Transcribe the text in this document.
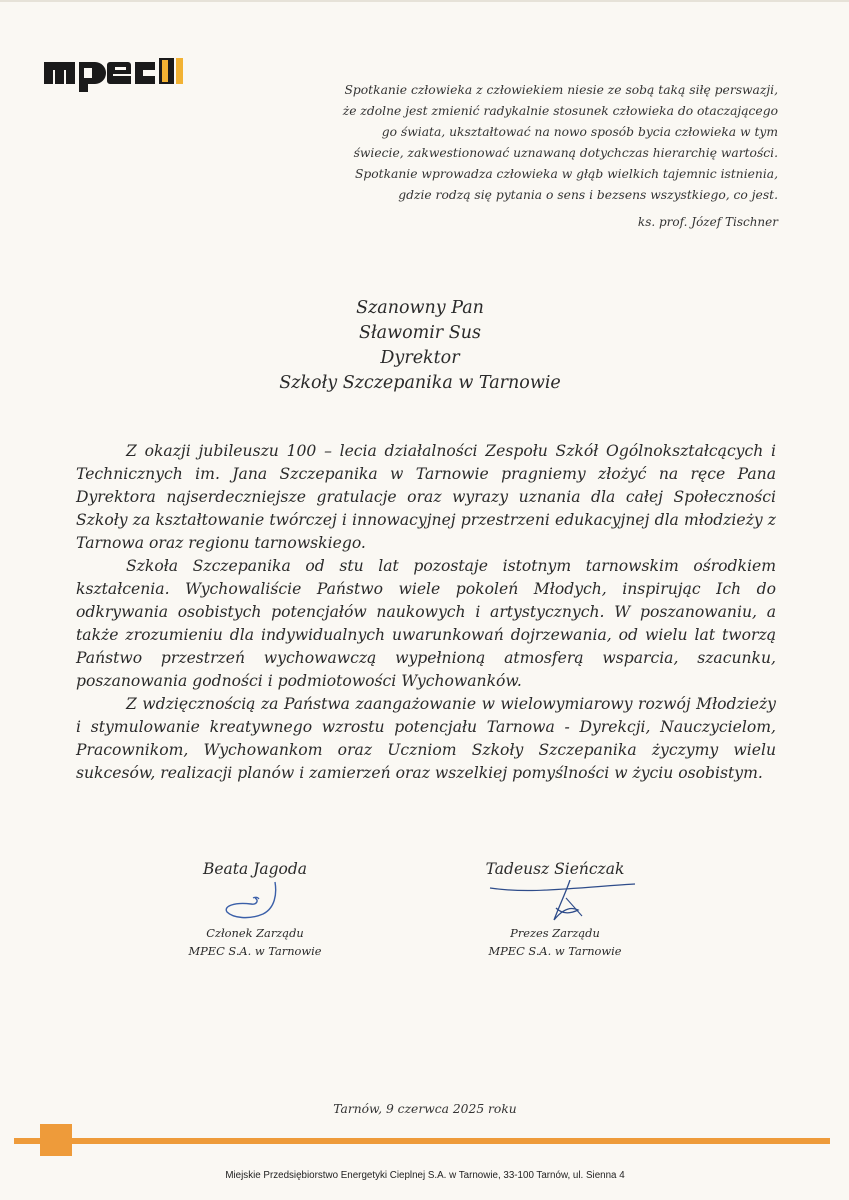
Spotkanie człowieka z człowiekiem niesie ze sobą taką siłę perswazji,

że zdolne jest zmienić radykalnie stosunek człowieka do otaczającego

go świata, ukształtować na nowo sposób bycia człowieka w tym

świecie, zakwestionować uznawaną dotychczas hierarchię wartości.

Spotkanie wprowadza człowieka w głąb wielkich tajemnic istnienia,

gdzie rodzą się pytania o sens i bezsens wszystkiego, co jest.

ks. prof. Józef Tischner

Szanowny Pan

Sławomir Sus

Dyrektor

Szkoły Szczepanika w Tarnowie

Z okazji jubileuszu 100 – lecia działalności Zespołu Szkół Ogólnokształcących i Technicznych im. Jana Szczepanika w Tarnowie pragniemy złożyć na ręce Pana Dyrektora najserdeczniejsze gratulacje oraz wyrazy uznania dla całej Społeczności Szkoły za kształtowanie twórczej i innowacyjnej przestrzeni edukacyjnej dla młodzieży z Tarnowa oraz regionu tarnowskiego.

Szkoła Szczepanika od stu lat pozostaje istotnym tarnowskim ośrodkiem kształcenia. Wychowaliście Państwo wiele pokoleń Młodych, inspirując Ich do odkrywania osobistych potencjałów naukowych i artystycznych. W poszanowaniu, a także zrozumieniu dla indywidualnych uwarunkowań dojrzewania, od wielu lat tworzą Państwo przestrzeń wychowawczą wypełnioną atmosferą wsparcia, szacunku, poszanowania godności i podmiotowości Wychowanków.

Z wdzięcznością za Państwa zaangażowanie w wielowymiarowy rozwój Młodzieży i stymulowanie kreatywnego wzrostu potencjału Tarnowa - Dyrekcji, Nauczycielom, Pracownikom, Wychowankom oraz Uczniom Szkoły Szczepanika życzymy wielu sukcesów, realizacji planów i zamierzeń oraz wszelkiej pomyślności w życiu osobistym.

Beata Jagoda

Członek Zarządu

MPEC S.A. w Tarnowie

Tadeusz Sieńczak

Prezes Zarządu

MPEC S.A. w Tarnowie

Tarnów, 9 czerwca 2025 roku
Miejskie Przedsiębiorstwo Energetyki Cieplnej S.A. w Tarnowie, 33-100 Tarnów, ul. Sienna 4
